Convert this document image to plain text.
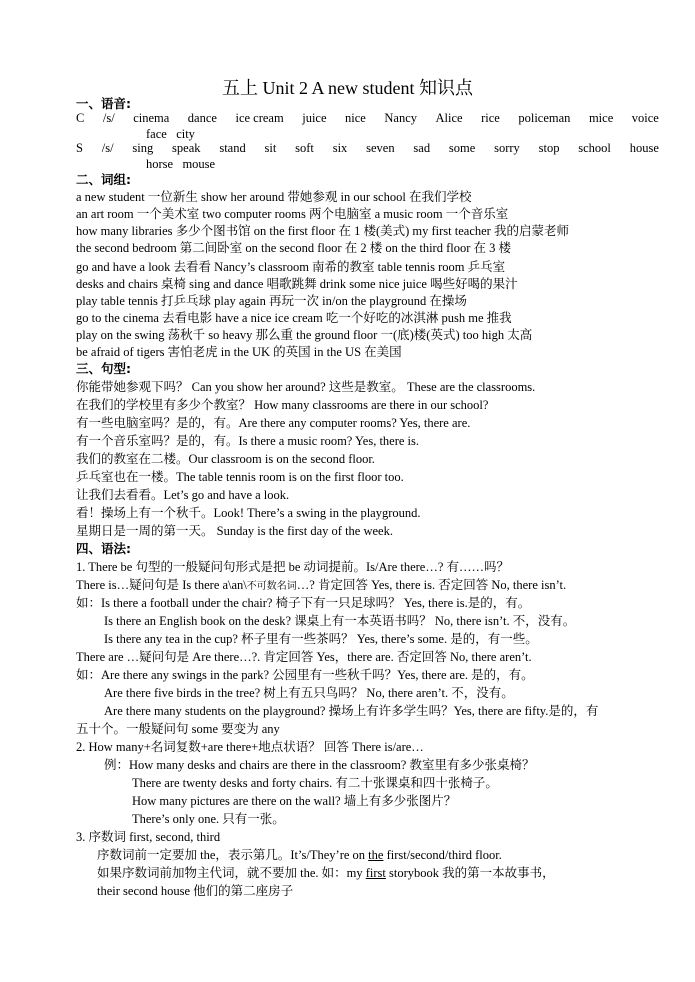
五上 Unit 2 A new student 知识点
一、语音:
C /s/ cinema dance ice cream juice nice Nancy Alice rice policeman mice voice
face city
S /s/ sing speak stand sit soft six seven sad some sorry stop school house
horse mouse
二、词组:
a new student 一位新生 show her around 带她参观 in our school 在我们学校
an art room 一个美术室 two computer rooms 两个电脑室 a music room 一个音乐室
how many libraries 多少个图书馆 on the first floor 在 1 楼(美式) my first teacher 我的启蒙老师
the second bedroom 第二间卧室 on the second floor 在 2 楼 on the third floor 在 3 楼
go and have a look 去看看 Nancy’s classroom 南希的教室 table tennis room 乒乓室
desks and chairs 桌椅 sing and dance 唱歌跳舞 drink some nice juice 喝些好喝的果汁
play table tennis 打乒乓球 play again 再玩一次 in/on the playground 在操场
go to the cinema 去看电影 have a nice ice cream 吃一个好吃的冰淇淋 push me 推我
play on the swing 荡秋千 so heavy 那么重 the ground floor 一(底)楼(英式) too high 太高
be afraid of tigers 害怕老虎 in the UK 的英国 in the US 在美国
三、句型:
你能带她参观下吗？ Can you show her around? 这些是教室。 These are the classrooms.
在我们的学校里有多少个教室？ How many classrooms are there in our school?
有一些电脑室吗？是的，有。Are there any computer rooms? Yes, there are.
有一个音乐室吗？是的，有。Is there a music room? Yes, there is.
我们的教室在二楼。Our classroom is on the second floor.
乒乓室也在一楼。The table tennis room is on the first floor too.
让我们去看看。Let’s go and have a look.
看！操场上有一个秋千。Look! There’s a swing in the playground.
星期日是一周的第一天。 Sunday is the first day of the week.
四、语法:
1. There be 句型的一般疑问句形式是把 be 动词提前。Is/Are there…? 有……吗？
There is…疑问句是 Is there a\an\不可数名词…? 肯定回答 Yes, there is. 否定回答 No, there isn’t.
如：Is there a football under the chair? 椅子下有一只足球吗？ Yes, there is.是的，有。
Is there an English book on the desk? 课桌上有一本英语书吗？ No, there isn’t. 不，没有。
Is there any tea in the cup? 杯子里有一些茶吗？ Yes, there’s some. 是的，有一些。
There are …疑问句是 Are there…?. 肯定回答 Yes，there are. 否定回答 No, there aren’t.
如：Are there any swings in the park? 公园里有一些秋千吗？Yes, there are. 是的，有。
Are there five birds in the tree? 树上有五只鸟吗？ No, there aren’t. 不，没有。
Are there many students on the playground? 操场上有许多学生吗？Yes, there are fifty.是的，有
五十个。一般疑问句 some 要变为 any
2. How many+名词复数+are there+地点状语？ 回答 There is/are…
例：How many desks and chairs are there in the classroom? 教室里有多少张桌椅？
There are twenty desks and forty chairs. 有二十张课桌和四十张椅子。
How many pictures are there on the wall? 墙上有多少张图片？
There’s only one. 只有一张。
3. 序数词 first, second, third
序数词前一定要加 the，表示第几。It’s/They’re on the first/second/third floor.
如果序数词前加物主代词，就不要加 the. 如：my first storybook 我的第一本故事书，
their second house 他们的第二座房子
